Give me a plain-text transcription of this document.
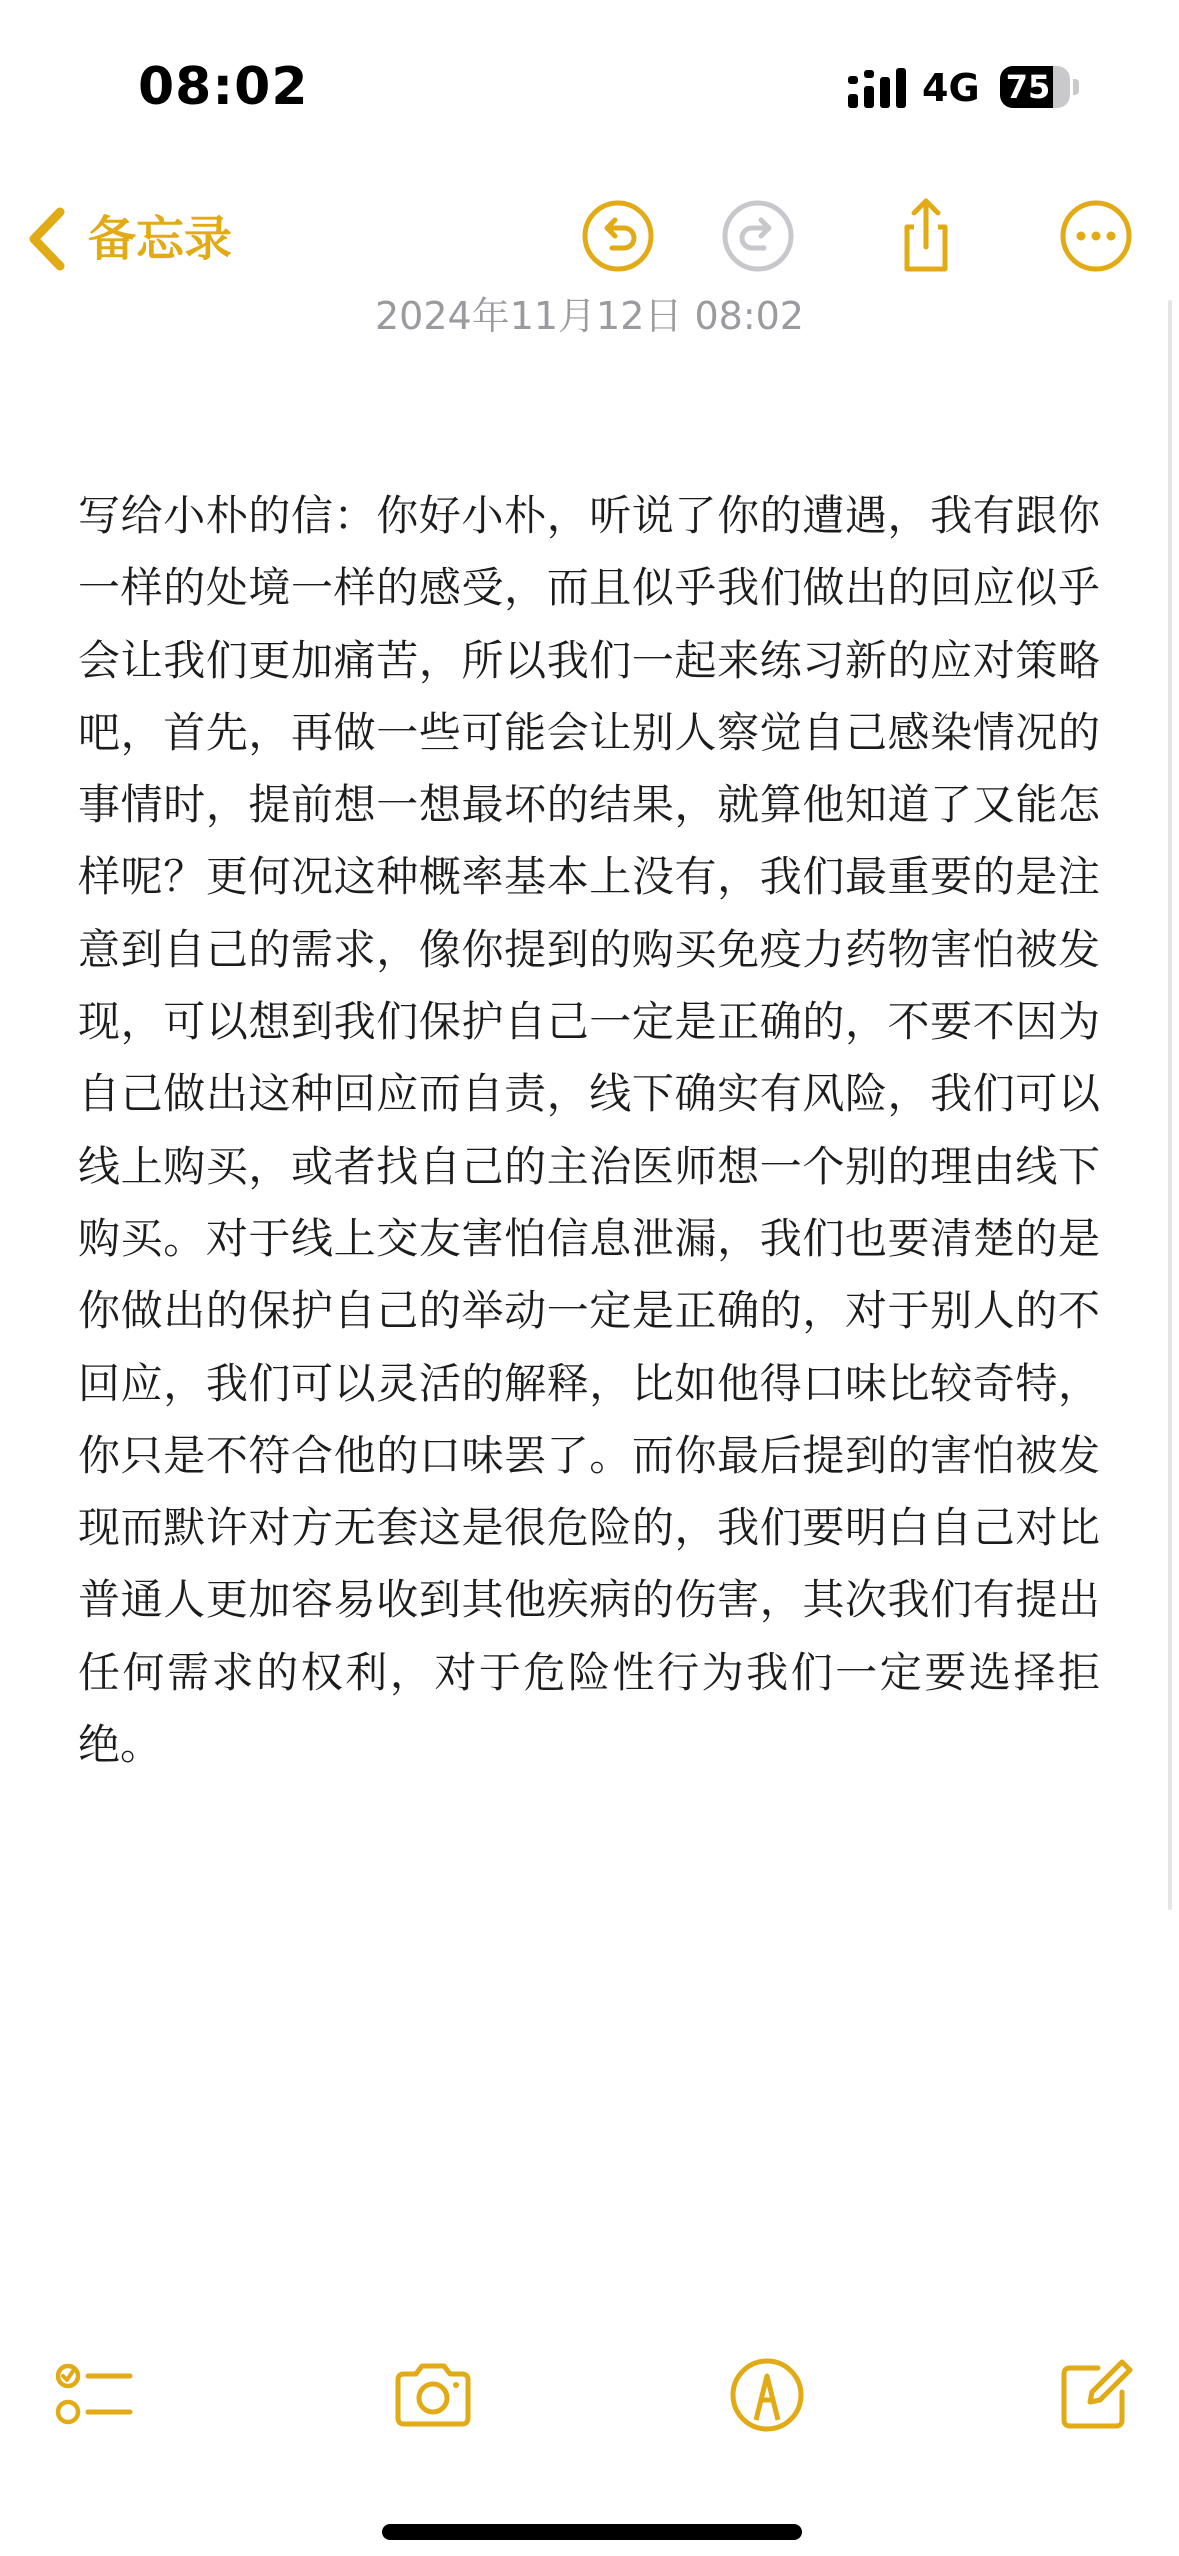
08:02	4G 75
备忘录
2024年11月12日 08:02

写给小朴的信：你好小朴，听说了你的遭遇，我有跟你一样的处境一样的感受，而且似乎我们做出的回应似乎会让我们更加痛苦，所以我们一起来练习新的应对策略吧，首先，再做一些可能会让别人察觉自己感染情况的事情时，提前想一想最坏的结果，就算他知道了又能怎样呢？更何况这种概率基本上没有，我们最重要的是注意到自己的需求，像你提到的购买免疫力药物害怕被发现，可以想到我们保护自己一定是正确的，不要不因为自己做出这种回应而自责，线下确实有风险，我们可以线上购买，或者找自己的主治医师想一个别的理由线下购买。对于线上交友害怕信息泄漏，我们也要清楚的是你做出的保护自己的举动一定是正确的，对于别人的不回应，我们可以灵活的解释，比如他得口味比较奇特，你只是不符合他的口味罢了。而你最后提到的害怕被发现而默许对方无套这是很危险的，我们要明白自己对比普通人更加容易收到其他疾病的伤害，其次我们有提出任何需求的权利，对于危险性行为我们一定要选择拒绝。
